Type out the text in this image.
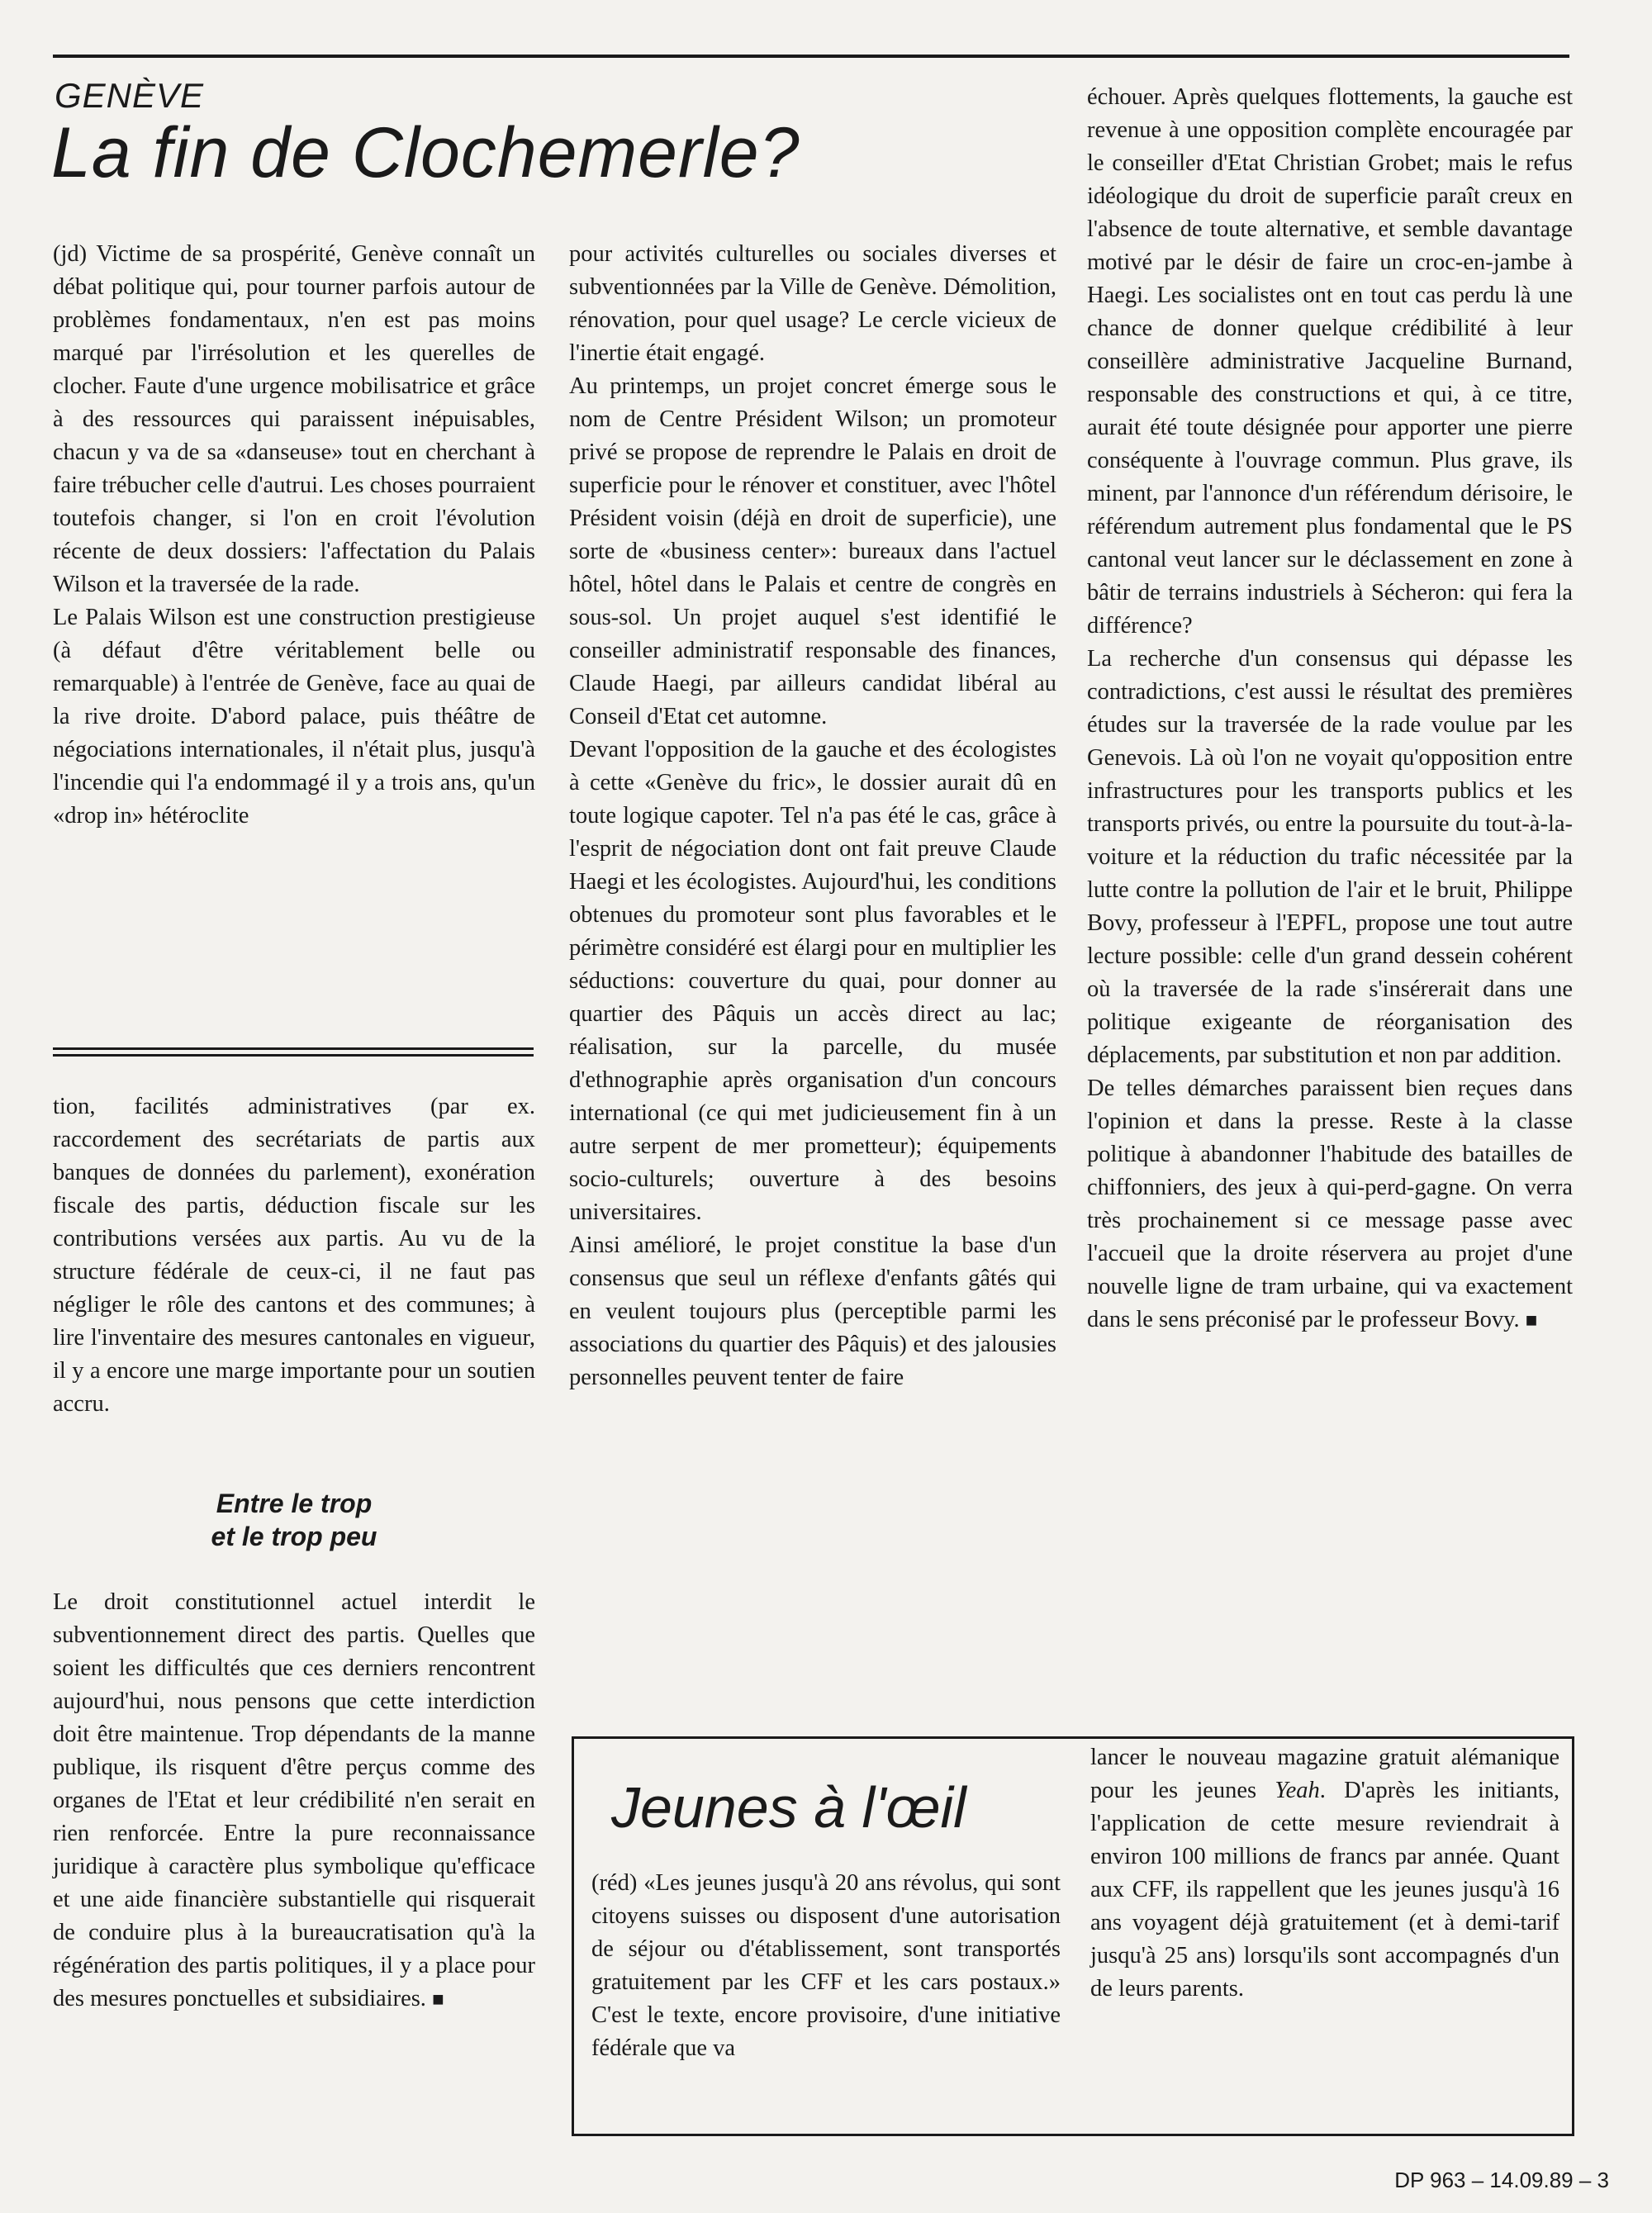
GENÈVE
La fin de Clochemerle?

(jd) Victime de sa prospérité, Genève connaît un débat politique qui, pour tourner parfois autour de problèmes fondamentaux, n'en est pas moins marqué par l'irrésolution et les querelles de clocher. Faute d'une urgence mobilisatrice et grâce à des ressources qui paraissent inépuisables, chacun y va de sa «danseuse» tout en cherchant à faire trébucher celle d'autrui. Les choses pourraient toutefois changer, si l'on en croit l'évolution récente de deux dossiers: l'affectation du Palais Wilson et la traversée de la rade.

Le Palais Wilson est une construction prestigieuse (à défaut d'être véritablement belle ou remarquable) à l'entrée de Genève, face au quai de la rive droite. D'abord palace, puis théâtre de négociations internationales, il n'était plus, jusqu'à l'incendie qui l'a endommagé il y a trois ans, qu'un «drop in» hétéroclite

pour activités culturelles ou sociales diverses et subventionnées par la Ville de Genève. Démolition, rénovation, pour quel usage? Le cercle vicieux de l'inertie était engagé.

Au printemps, un projet concret émerge sous le nom de Centre Président Wilson; un promoteur privé se propose de reprendre le Palais en droit de superficie pour le rénover et constituer, avec l'hôtel Président voisin (déjà en droit de superficie), une sorte de «business center»: bureaux dans l'actuel hôtel, hôtel dans le Palais et centre de congrès en sous-sol. Un projet auquel s'est identifié le conseiller administratif responsable des finances, Claude Haegi, par ailleurs candidat libéral au Conseil d'Etat cet automne.

Devant l'opposition de la gauche et des écologistes à cette «Genève du fric», le dossier aurait dû en toute logique capoter. Tel n'a pas été le cas, grâce à l'esprit de négociation dont ont fait preuve Claude Haegi et les écologistes. Aujourd'hui, les conditions obtenues du promoteur sont plus favorables et le périmètre considéré est élargi pour en multiplier les séductions: couverture du quai, pour donner au quartier des Pâquis un accès direct au lac; réalisation, sur la parcelle, du musée d'ethnographie après organisation d'un concours international (ce qui met judicieusement fin à un autre serpent de mer prometteur); équipements socio-culturels; ouverture à des besoins universitaires.

Ainsi amélioré, le projet constitue la base d'un consensus que seul un réflexe d'enfants gâtés qui en veulent toujours plus (perceptible parmi les associations du quartier des Pâquis) et des jalousies personnelles peuvent tenter de faire

échouer. Après quelques flottements, la gauche est revenue à une opposition complète encouragée par le conseiller d'Etat Christian Grobet; mais le refus idéologique du droit de superficie paraît creux en l'absence de toute alternative, et semble davantage motivé par le désir de faire un croc-en-jambe à Haegi. Les socialistes ont en tout cas perdu là une chance de donner quelque crédibilité à leur conseillère administrative Jacqueline Burnand, responsable des constructions et qui, à ce titre, aurait été toute désignée pour apporter une pierre conséquente à l'ouvrage commun. Plus grave, ils minent, par l'annonce d'un référendum dérisoire, le référendum autrement plus fondamental que le PS cantonal veut lancer sur le déclassement en zone à bâtir de terrains industriels à Sécheron: qui fera la différence?

La recherche d'un consensus qui dépasse les contradictions, c'est aussi le résultat des premières études sur la traversée de la rade voulue par les Genevois. Là où l'on ne voyait qu'opposition entre infrastructures pour les transports publics et les transports privés, ou entre la poursuite du tout-à-la-voiture et la réduction du trafic nécessitée par la lutte contre la pollution de l'air et le bruit, Philippe Bovy, professeur à l'EPFL, propose une tout autre lecture possible: celle d'un grand dessein cohérent où la traversée de la rade s'insérerait dans une politique exigeante de réorganisation des déplacements, par substitution et non par addition.

De telles démarches paraissent bien reçues dans l'opinion et dans la presse. Reste à la classe politique à abandonner l'habitude des batailles de chiffonniers, des jeux à qui-perd-gagne. On verra très prochainement si ce message passe avec l'accueil que la droite réservera au projet d'une nouvelle ligne de tram urbaine, qui va exactement dans le sens préconisé par le professeur Bovy. ■

tion, facilités administratives (par ex. raccordement des secrétariats de partis aux banques de données du parlement), exonération fiscale des partis, déduction fiscale sur les contributions versées aux partis. Au vu de la structure fédérale de ceux-ci, il ne faut pas négliger le rôle des cantons et des communes; à lire l'inventaire des mesures cantonales en vigueur, il y a encore une marge importante pour un soutien accru.

Entre le trop
et le trop peu

Le droit constitutionnel actuel interdit le subventionnement direct des partis. Quelles que soient les difficultés que ces derniers rencontrent aujourd'hui, nous pensons que cette interdiction doit être maintenue. Trop dépendants de la manne publique, ils risquent d'être perçus comme des organes de l'Etat et leur crédibilité n'en serait en rien renforcée. Entre la pure reconnaissance juridique à caractère plus symbolique qu'efficace et une aide financière substantielle qui risquerait de conduire plus à la bureaucratisation qu'à la régénération des partis politiques, il y a place pour des mesures ponctuelles et subsidiaires. ■

Jeunes à l'œil

(réd) «Les jeunes jusqu'à 20 ans révolus, qui sont citoyens suisses ou disposent d'une autorisation de séjour ou d'établissement, sont transportés gratuitement par les CFF et les cars postaux.» C'est le texte, encore provisoire, d'une initiative fédérale que va

lancer le nouveau magazine gratuit alémanique pour les jeunes Yeah. D'après les initiants, l'application de cette mesure reviendrait à environ 100 millions de francs par année. Quant aux CFF, ils rappellent que les jeunes jusqu'à 16 ans voyagent déjà gratuitement (et à demi-tarif jusqu'à 25 ans) lorsqu'ils sont accompagnés d'un de leurs parents.

DP 963 – 14.09.89 – 3
